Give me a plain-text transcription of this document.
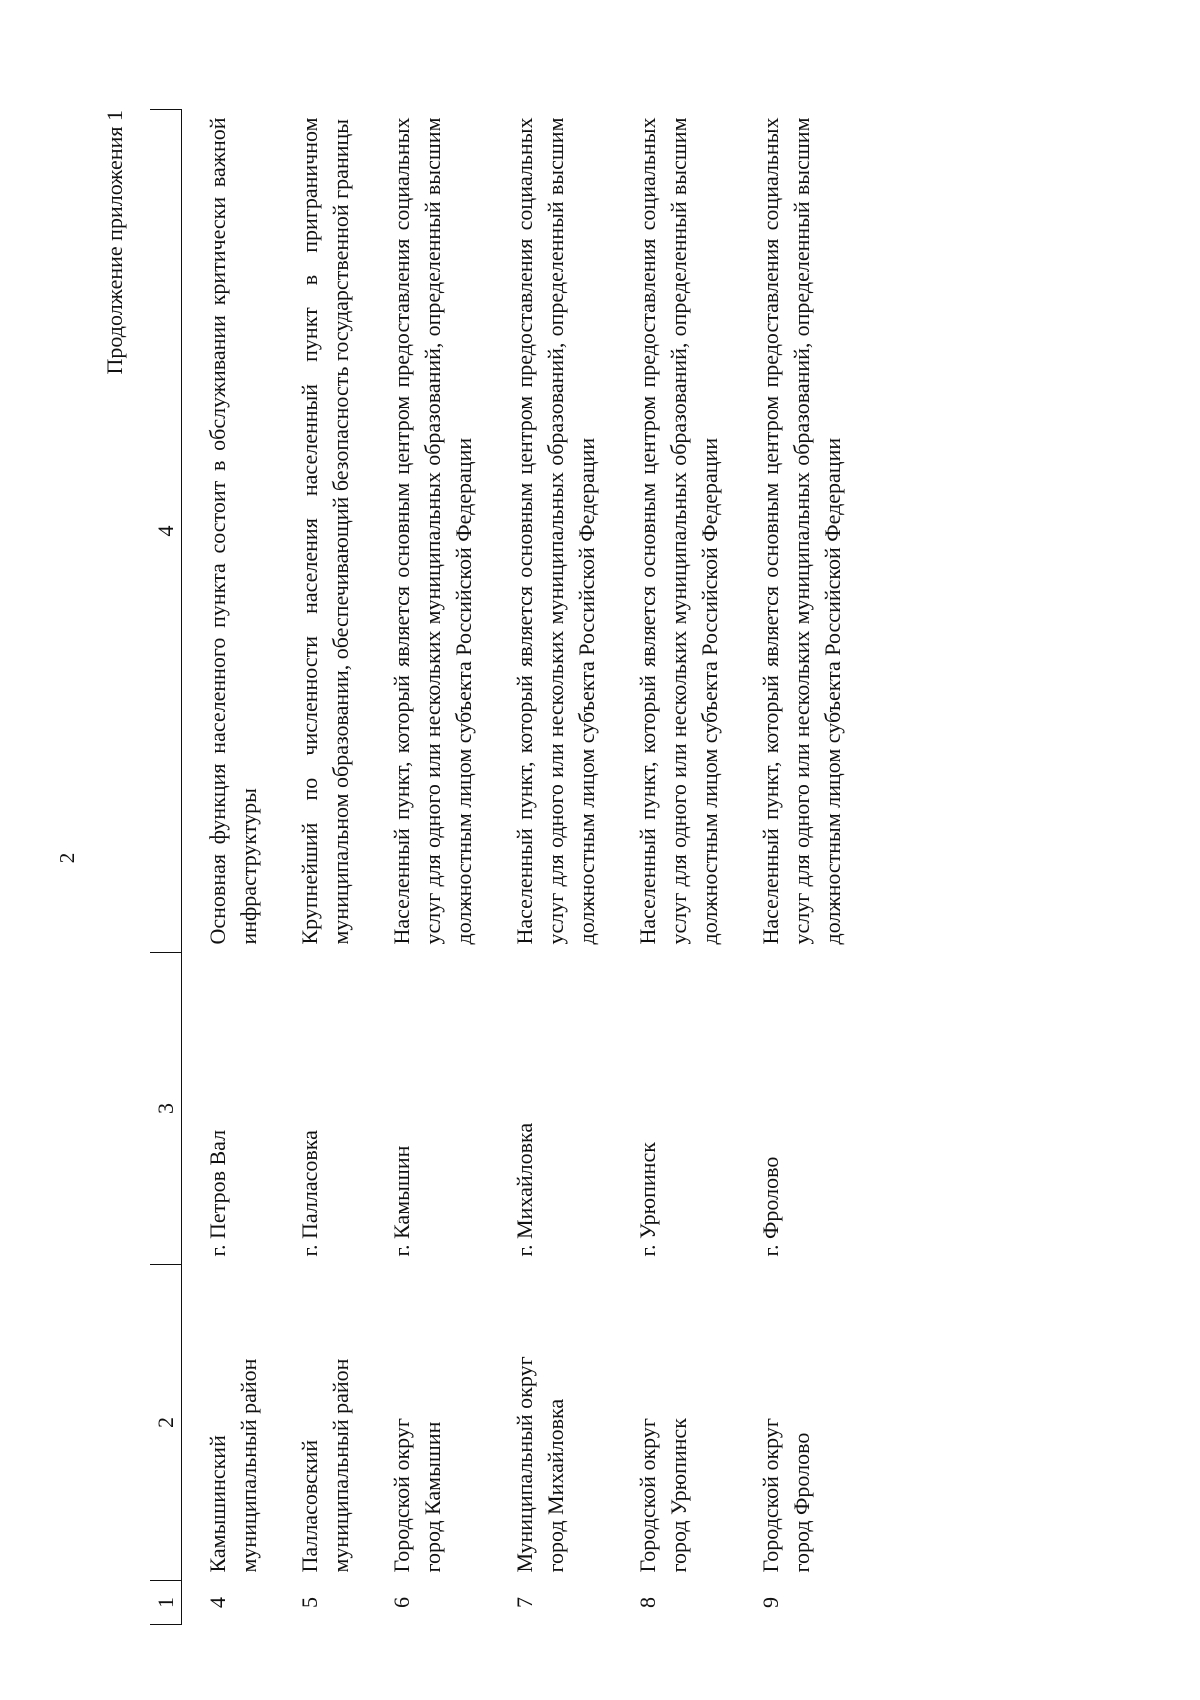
2
Продолжение приложения 1
1	2	3	4
4	Камышинский муниципальный район	г. Петров Вал	Основная функция населенного пункта состоит в обслуживании критически важной инфраструктуры
5	Палласовский муниципальный район	г. Палласовка	Крупнейший по численности населения населенный пункт в приграничном муниципальном образовании, обеспечивающий безопасность государственной границы
6	Городской округ город Камышин	г. Камышин	Населенный пункт, который является основным центром предоставления социальных услуг для одного или нескольких муниципальных образований, определенный высшим должностным лицом субъекта Российской Федерации
7	Муниципальный округ город Михайловка	г. Михайловка	Населенный пункт, который является основным центром предоставления социальных услуг для одного или нескольких муниципальных образований, определенный высшим должностным лицом субъекта Российской Федерации
8	Городской округ город Урюпинск	г. Урюпинск	Населенный пункт, который является основным центром предоставления социальных услуг для одного или нескольких муниципальных образований, определенный высшим должностным лицом субъекта Российской Федерации
9	Городской округ город Фролово	г. Фролово	Населенный пункт, который является основным центром предоставления социальных услуг для одного или нескольких муниципальных образований, определенный высшим должностным лицом субъекта Российской Федерации
